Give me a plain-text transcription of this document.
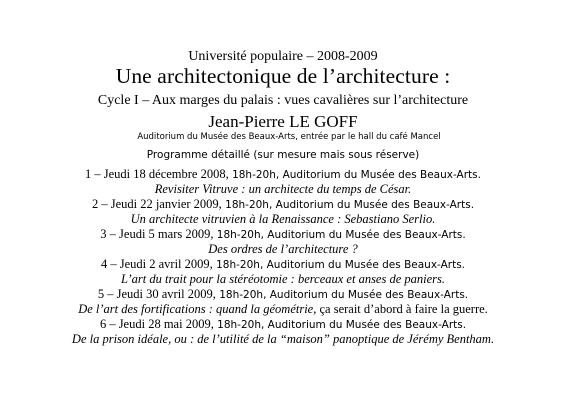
Université populaire – 2008-2009
Une architectonique de l’architecture :
Cycle I – Aux marges du palais : vues cavalières sur l’architecture
Jean-Pierre LE GOFF
Auditorium du Musée des Beaux-Arts, entrée par le hall du café Mancel
Programme détaillé (sur mesure mais sous réserve)
1 – Jeudi 18 décembre 2008, 18h-20h, Auditorium du Musée des Beaux-Arts.
Revisiter Vitruve : un architecte du temps de César.
2 – Jeudi 22 janvier 2009, 18h-20h, Auditorium du Musée des Beaux-Arts.
Un architecte vitruvien à la Renaissance : Sebastiano Serlio.
3 – Jeudi 5 mars 2009, 18h-20h, Auditorium du Musée des Beaux-Arts.
Des ordres de l’architecture ?
4 – Jeudi 2 avril 2009, 18h-20h, Auditorium du Musée des Beaux-Arts.
L’art du trait pour la stéréotomie : berceaux et anses de paniers.
5 – Jeudi 30 avril 2009, 18h-20h, Auditorium du Musée des Beaux-Arts.
De l’art des fortifications : quand la géométrie, ça serait d’abord à faire la guerre.
6 – Jeudi 28 mai 2009, 18h-20h, Auditorium du Musée des Beaux-Arts.
De la prison idéale, ou : de l’utilité de la “maison” panoptique de Jérémy Bentham.
